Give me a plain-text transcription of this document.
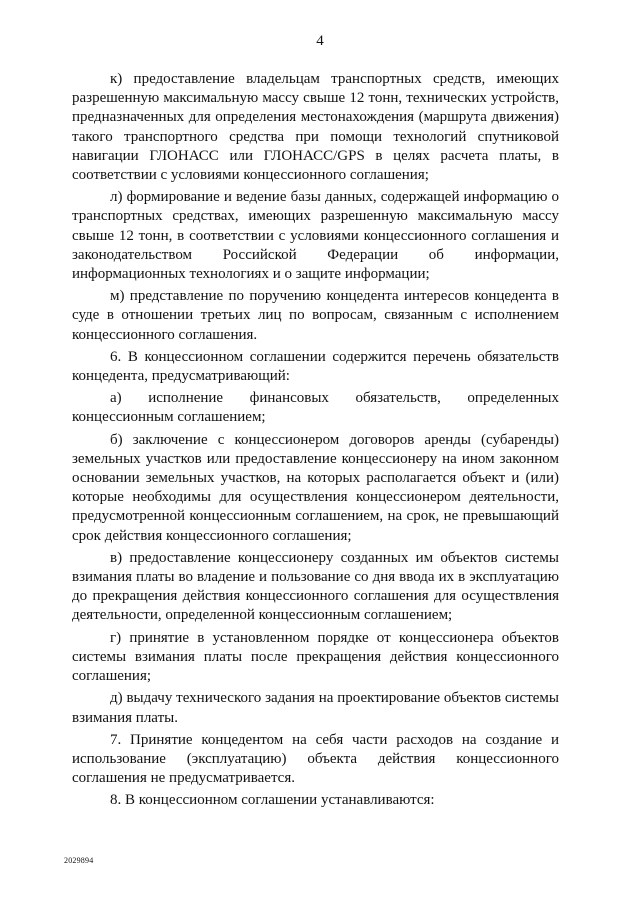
4

к) предоставление владельцам транспортных средств, имеющих разрешенную максимальную массу свыше 12 тонн, технических устройств, предназначенных для определения местонахождения (маршрута движения) такого транспортного средства при помощи технологий спутниковой навигации ГЛОНАСС или ГЛОНАСС/GPS в целях расчета платы, в соответствии с условиями концессионного соглашения;

л) формирование и ведение базы данных, содержащей информацию о транспортных средствах, имеющих разрешенную максимальную массу свыше 12 тонн, в соответствии с условиями концессионного соглашения и законодательством Российской Федерации об информации, информационных технологиях и о защите информации;

м) представление по поручению концедента интересов концедента в суде в отношении третьих лиц по вопросам, связанным с исполнением концессионного соглашения.

6. В концессионном соглашении содержится перечень обязательств концедента, предусматривающий:

а) исполнение финансовых обязательств, определенных концессионным соглашением;

б) заключение с концессионером договоров аренды (субаренды) земельных участков или предоставление концессионеру на ином законном основании земельных участков, на которых располагается объект и (или) которые необходимы для осуществления концессионером деятельности, предусмотренной концессионным соглашением, на срок, не превышающий срок действия концессионного соглашения;

в) предоставление концессионеру созданных им объектов системы взимания платы во владение и пользование со дня ввода их в эксплуатацию до прекращения действия концессионного соглашения для осуществления деятельности, определенной концессионным соглашением;

г) принятие в установленном порядке от концессионера объектов системы взимания платы после прекращения действия концессионного соглашения;

д) выдачу технического задания на проектирование объектов системы взимания платы.

7. Принятие концедентом на себя части расходов на создание и использование (эксплуатацию) объекта действия концессионного соглашения не предусматривается.

8. В концессионном соглашении устанавливаются:

2029894
